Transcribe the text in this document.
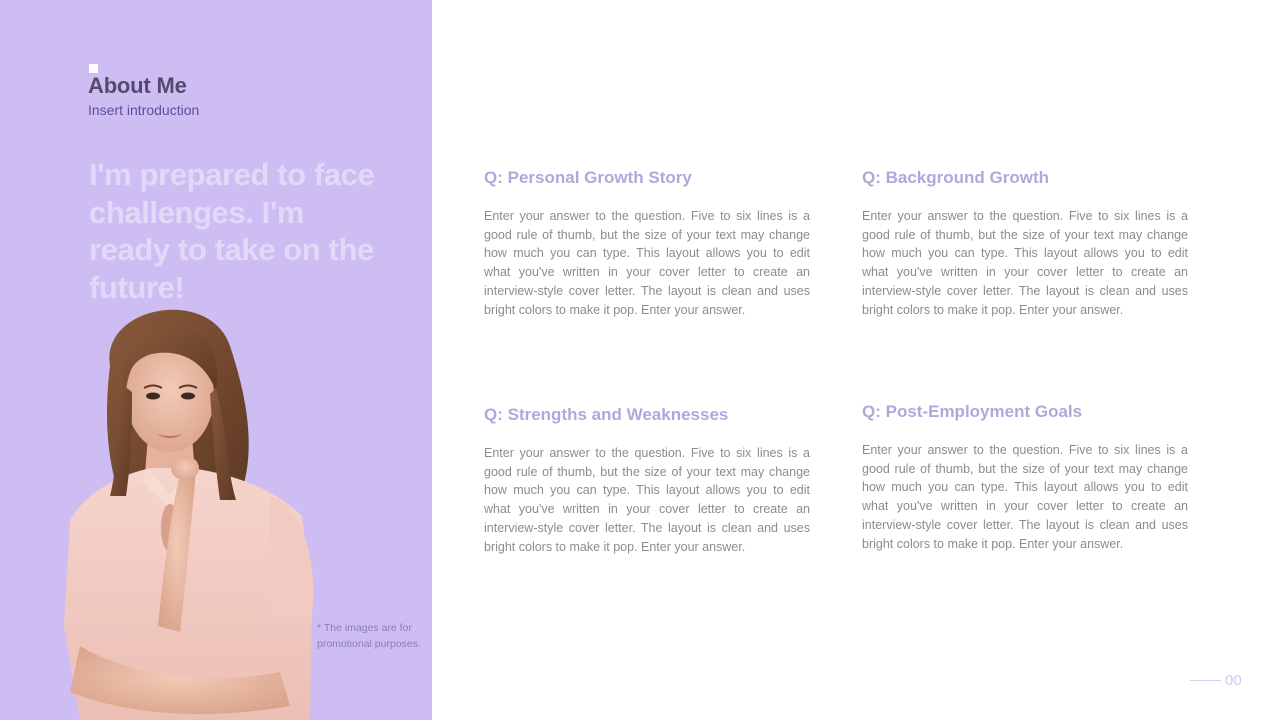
About Me
Insert introduction
I'm prepared to face challenges. I'm ready to take on the future!
* The images are for promotional purposes.
Q: Personal Growth Story

Enter your answer to the question. Five to six lines is a good rule of thumb, but the size of your text may change how much you can type. This layout allows you to edit what you've written in your cover letter to create an interview-style cover letter. The layout is clean and uses bright colors to make it pop. Enter your answer.

Q: Background Growth

Enter your answer to the question. Five to six lines is a good rule of thumb, but the size of your text may change how much you can type. This layout allows you to edit what you've written in your cover letter to create an interview-style cover letter. The layout is clean and uses bright colors to make it pop. Enter your answer.

Q: Strengths and Weaknesses

Enter your answer to the question. Five to six lines is a good rule of thumb, but the size of your text may change how much you can type. This layout allows you to edit what you've written in your cover letter to create an interview-style cover letter. The layout is clean and uses bright colors to make it pop. Enter your answer.

Q: Post-Employment Goals

Enter your answer to the question. Five to six lines is a good rule of thumb, but the size of your text may change how much you can type. This layout allows you to edit what you've written in your cover letter to create an interview-style cover letter. The layout is clean and uses bright colors to make it pop. Enter your answer.

00
